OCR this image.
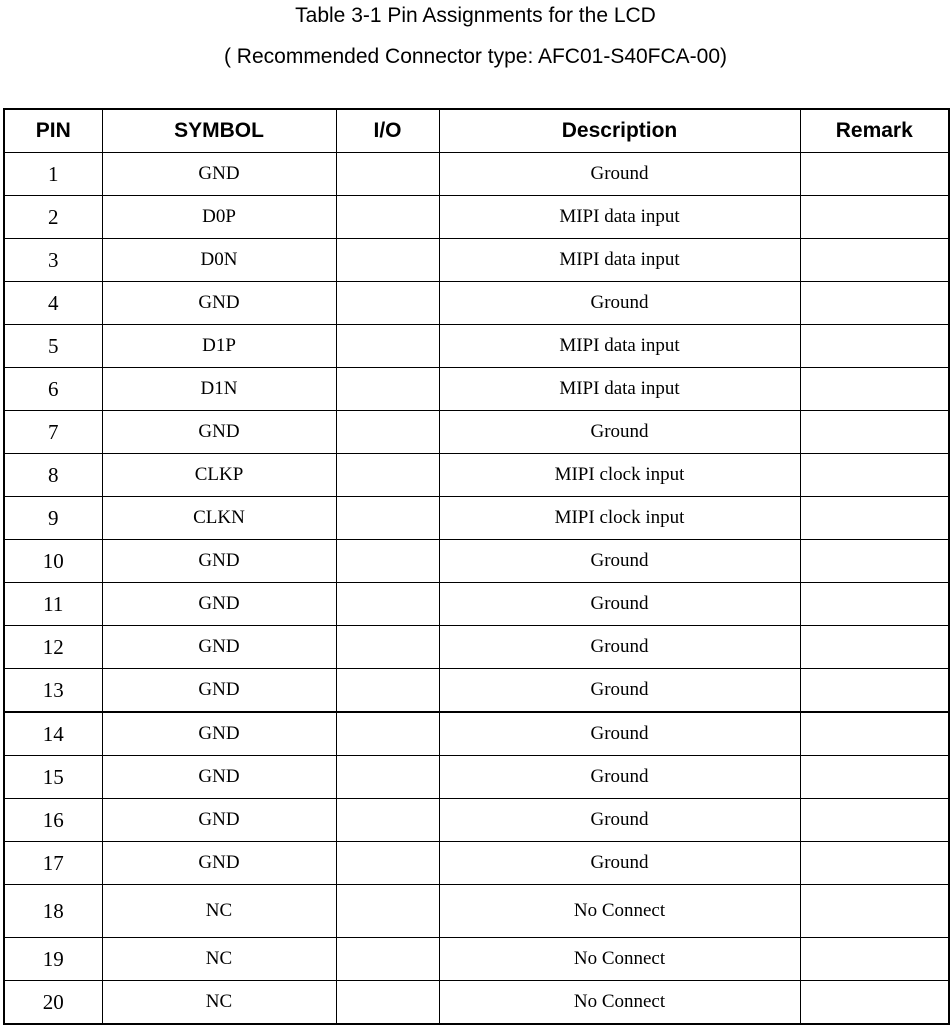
Table 3-1 Pin Assignments for the LCD
( Recommended Connector type: AFC01-S40FCA-00)
PIN	SYMBOL	I/O	Description	Remark
1	GND		Ground	
2	D0P		MIPI data input	
3	D0N		MIPI data input	
4	GND		Ground	
5	D1P		MIPI data input	
6	D1N		MIPI data input	
7	GND		Ground	
8	CLKP		MIPI clock input	
9	CLKN		MIPI clock input	
10	GND		Ground	
11	GND		Ground	
12	GND		Ground	
13	GND		Ground	
14	GND		Ground	
15	GND		Ground	
16	GND		Ground	
17	GND		Ground	
18	NC		No Connect	
19	NC		No Connect	
20	NC		No Connect	
